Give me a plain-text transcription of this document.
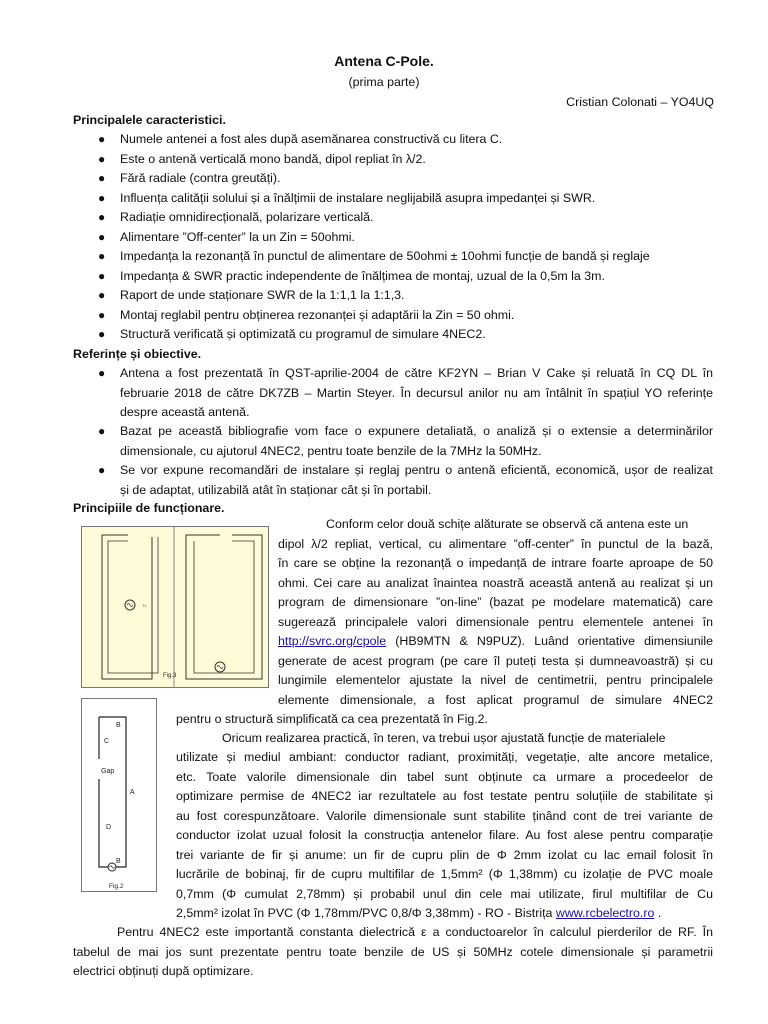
Antena C-Pole.
(prima parte)
Cristian Colonati – YO4UQ
Principalele caracteristici.
● Numele antenei a fost ales după asemănarea constructivă cu litera C.
● Este o antenă verticală mono bandă, dipol repliat în λ/2.
● Fără radiale (contra greutăți).
● Influența calității solului și a înălțimii de instalare neglijabilă asupra impedanței și SWR.
● Radiație omnidirecțională, polarizare verticală.
● Alimentare ”Off-center” la un Zin = 50ohmi.
● Impedanța la rezonanță în punctul de alimentare de 50ohmi ± 10ohmi funcție de bandă și reglaje
● Impedanța & SWR practic independente de înălțimea de montaj, uzual de la 0,5m la 3m.
● Raport de unde staționare SWR de la 1:1,1 la 1:1,3.
● Montaj reglabil pentru obținerea rezonanței și adaptării la Zin = 50 ohmi.
● Structură verificată și optimizată cu programul de simulare 4NEC2.
Referințe și obiective.
● Antena a fost prezentată în QST-aprilie-2004 de către KF2YN – Brian V Cake și reluată în CQ DL în
februarie 2018 de către DK7ZB – Martin Steyer. În decursul anilor nu am întâlnit în spațiul YO referințe
despre această antenă.
● Bazat pe această bibliografie vom face o expunere detaliată, o analiză și o extensie a determinărilor
dimensionale, cu ajutorul 4NEC2, pentru toate benzile de la 7MHz la 50MHz.
● Se vor expune recomandări de instalare și reglaj pentru o antenă eficientă, economică, ușor de realizat
și de adaptat, utilizabilă atât în staționar cât și în portabil.
Principiile de funcționare.
Tx
Fig.3
B
C
Gap
A
D
B
Fig.2
Conform celor două schițe alăturate se observă că antena este un
dipol λ/2 repliat, vertical, cu alimentare ”off-center” în punctul de la bază,
în care se obține la rezonanță o impedanță de intrare foarte aproape de 50
ohmi. Cei care au analizat înaintea noastră această antenă au realizat și un
program de dimensionare ”on-line” (bazat pe modelare matematică) care
sugerează principalele valori dimensionale pentru elementele antenei în
http://svrc.org/cpole (HB9MTN & N9PUZ). Luând orientative dimensiunile
generate de acest program (pe care îl puteți testa și dumneavoastră) și cu
lungimile elementelor ajustate la nivel de centimetrii, pentru principalele
elemente dimensionale, a fost aplicat programul de simulare 4NEC2
pentru o structură simplificată ca cea prezentată în Fig.2.
Oricum realizarea practică, în teren, va trebui ușor ajustată funcție de materialele
utilizate și mediul ambiant: conductor radiant, proximități, vegetație, alte ancore metalice,
etc. Toate valorile dimensionale din tabel sunt obținute ca urmare a procedeelor de
optimizare permise de 4NEC2 iar rezultatele au fost testate pentru soluțiile de stabilitate și
au fost corespunzătoare. Valorile dimensionale sunt stabilite ținând cont de trei variante de
conductor izolat uzual folosit la construcția antenelor filare. Au fost alese pentru comparație
trei variante de fir și anume: un fir de cupru plin de Φ 2mm izolat cu lac email folosit în
lucrările de bobinaj, fir de cupru multifilar de 1,5mm² (Φ 1,38mm) cu izolație de PVC moale
0,7mm (Φ cumulat 2,78mm) și probabil unul din cele mai utilizate, firul multifilar de Cu
2,5mm² izolat în PVC (Φ 1,78mm/PVC 0,8/Φ 3,38mm) - RO - Bistrița www.rcbelectro.ro .
Pentru 4NEC2 este importantă constanta dielectrică ε a conductoarelor în calculul pierderilor de RF. În
tabelul de mai jos sunt prezentate pentru toate benzile de US și 50MHz cotele dimensionale și parametrii
electrici obținuți după optimizare.
